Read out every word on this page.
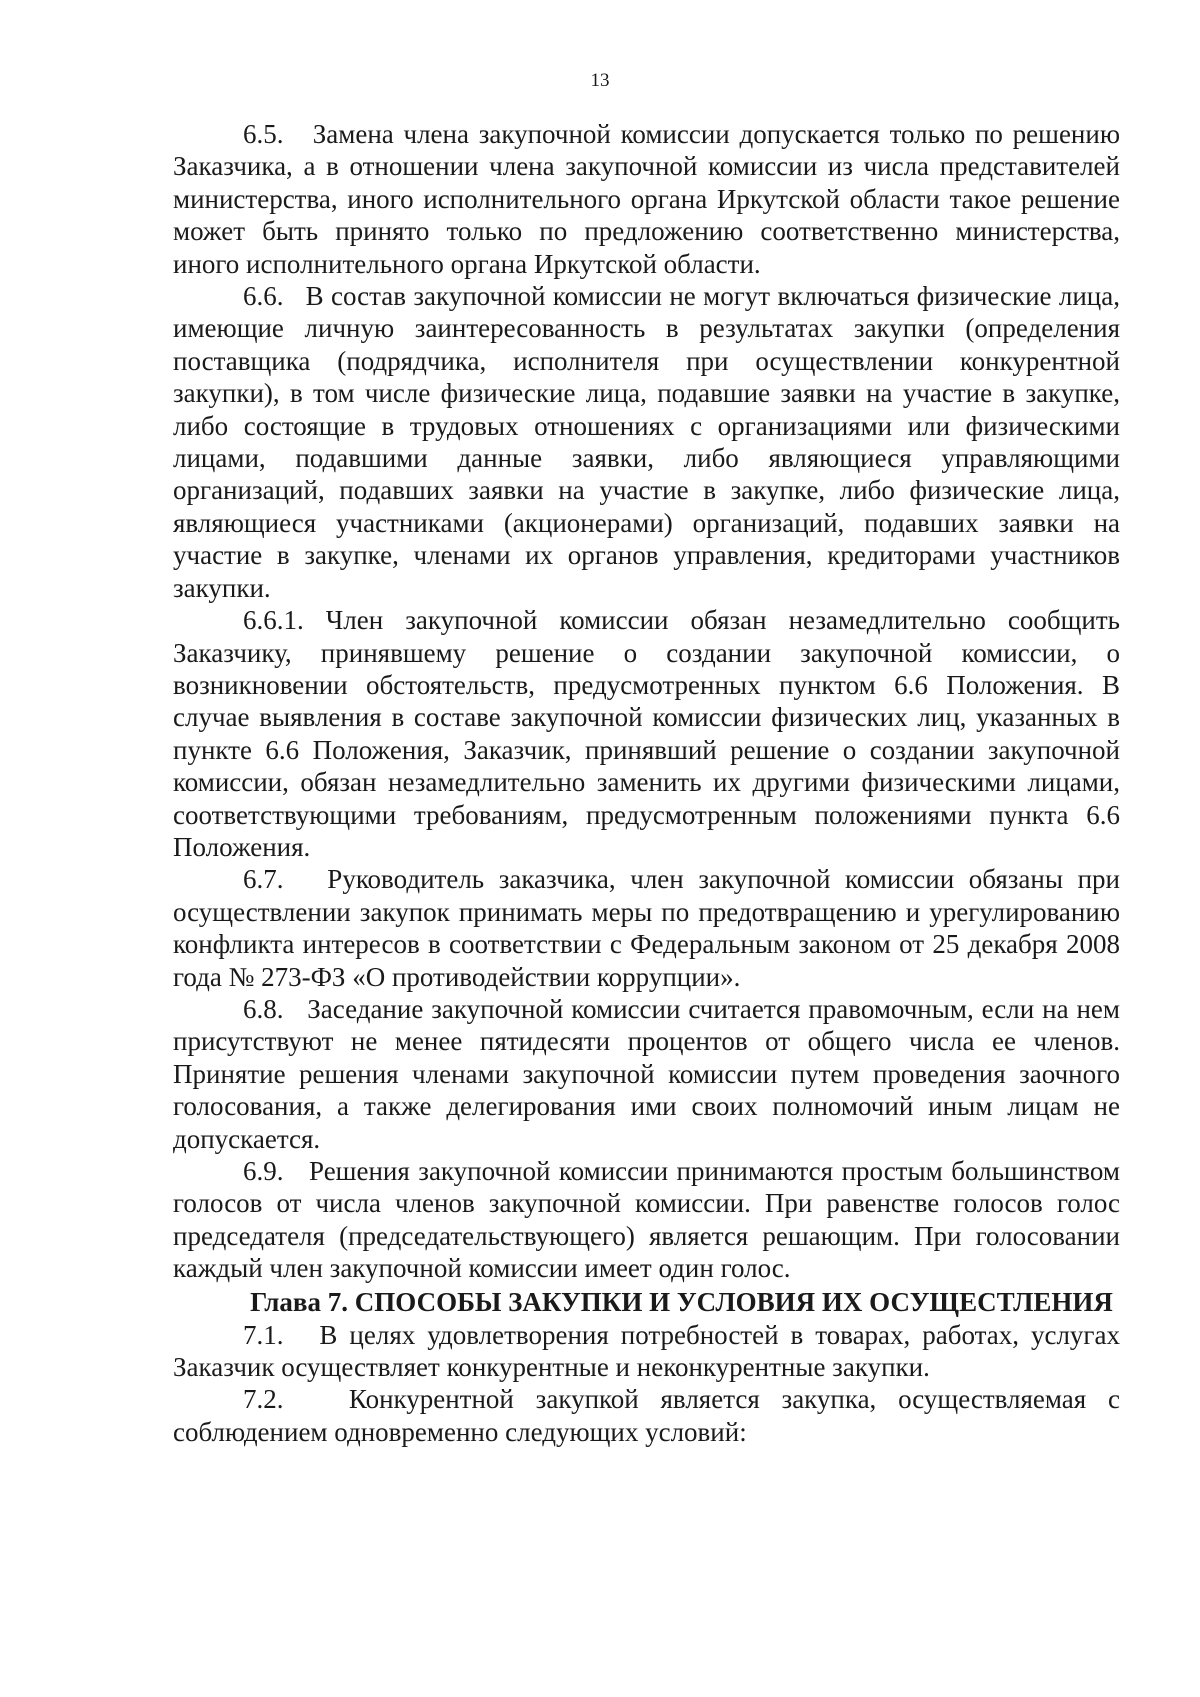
13

6.5.   Замена члена закупочной комиссии допускается только по решению Заказчика, а в отношении члена закупочной комиссии из числа представителей министерства, иного исполнительного органа Иркутской области такое решение может быть принято только по предложению соответственно министерства, иного исполнительного органа Иркутской области.

6.6.   В состав закупочной комиссии не могут включаться физические лица, имеющие личную заинтересованность в результатах закупки (определения поставщика (подрядчика, исполнителя при осуществлении конкурентной закупки), в том числе физические лица, подавшие заявки на участие в закупке, либо состоящие в трудовых отношениях с организациями или физическими лицами, подавшими данные заявки, либо являющиеся управляющими организаций, подавших заявки на участие в закупке, либо физические лица, являющиеся участниками (акционерами) организаций, подавших заявки на участие в закупке, членами их органов управления, кредиторами участников закупки.

6.6.1. Член закупочной комиссии обязан незамедлительно сообщить Заказчику, принявшему решение о создании закупочной комиссии, о возникновении обстоятельств, предусмотренных пунктом 6.6 Положения. В случае выявления в составе закупочной комиссии физических лиц, указанных в пункте 6.6 Положения, Заказчик, принявший решение о создании закупочной комиссии, обязан незамедлительно заменить их другими физическими лицами, соответствующими требованиям, предусмотренным положениями пункта 6.6 Положения.

6.7.   Руководитель заказчика, член закупочной комиссии обязаны при осуществлении закупок принимать меры по предотвращению и урегулированию конфликта интересов в соответствии с Федеральным законом от 25 декабря 2008 года № 273-ФЗ «О противодействии коррупции».

6.8.   Заседание закупочной комиссии считается правомочным, если на нем присутствуют не менее пятидесяти процентов от общего числа ее членов. Принятие решения членами закупочной комиссии путем проведения заочного голосования, а также делегирования ими своих полномочий иным лицам не допускается.

6.9.   Решения закупочной комиссии принимаются простым большинством голосов от числа членов закупочной комиссии. При равенстве голосов голос председателя (председательствующего) является решающим. При голосовании каждый член закупочной комиссии имеет один голос.

Глава 7. СПОСОБЫ ЗАКУПКИ И УСЛОВИЯ ИХ ОСУЩЕСТЛЕНИЯ

7.1.   В целях удовлетворения потребностей в товарах, работах, услугах Заказчик осуществляет конкурентные и неконкурентные закупки.

7.2.   Конкурентной закупкой является закупка, осуществляемая с соблюдением одновременно следующих условий:
